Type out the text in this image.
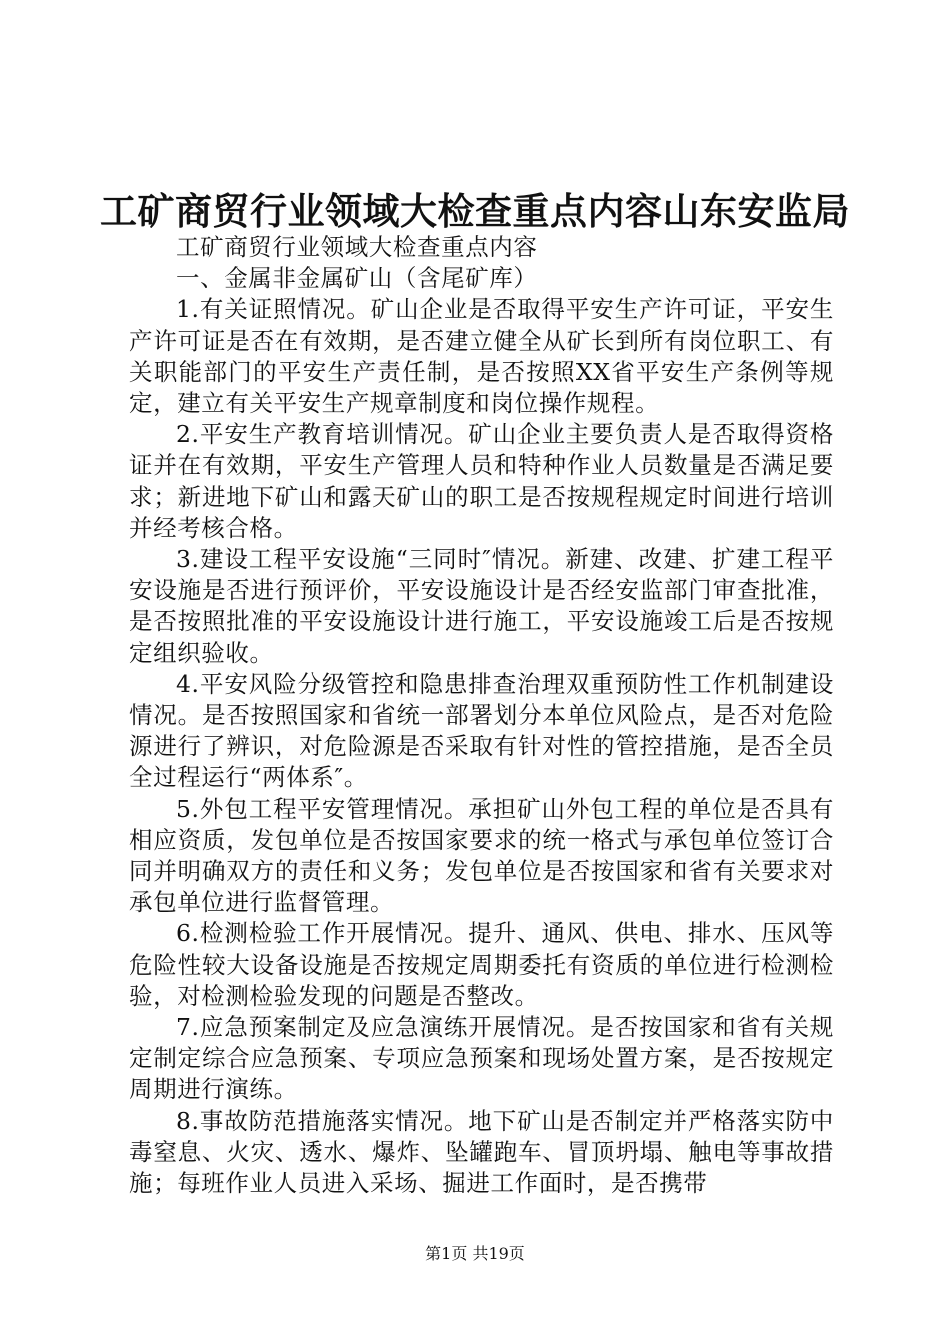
工矿商贸行业领域大检查重点内容山东安监局

工矿商贸行业领域大检查重点内容

一、金属非金属矿山（含尾矿库）

1.有关证照情况。矿山企业是否取得平安生产许可证，平安生产许可证是否在有效期，是否建立健全从矿长到所有岗位职工、有关职能部门的平安生产责任制，是否按照XX省平安生产条例等规定，建立有关平安生产规章制度和岗位操作规程。

2.平安生产教育培训情况。矿山企业主要负责人是否取得资格证并在有效期，平安生产管理人员和特种作业人员数量是否满足要求；新进地下矿山和露天矿山的职工是否按规程规定时间进行培训并经考核合格。

3.建设工程平安设施“三同时″情况。新建、改建、扩建工程平安设施是否进行预评价，平安设施设计是否经安监部门审查批准，是否按照批准的平安设施设计进行施工，平安设施竣工后是否按规定组织验收。

4.平安风险分级管控和隐患排查治理双重预防性工作机制建设情况。是否按照国家和省统一部署划分本单位风险点，是否对危险源进行了辨识，对危险源是否采取有针对性的管控措施，是否全员全过程运行“两体系″。

5.外包工程平安管理情况。承担矿山外包工程的单位是否具有相应资质，发包单位是否按国家要求的统一格式与承包单位签订合同并明确双方的责任和义务；发包单位是否按国家和省有关要求对承包单位进行监督管理。

6.检测检验工作开展情况。提升、通风、供电、排水、压风等危险性较大设备设施是否按规定周期委托有资质的单位进行检测检验，对检测检验发现的问题是否整改。

7.应急预案制定及应急演练开展情况。是否按国家和省有关规定制定综合应急预案、专项应急预案和现场处置方案，是否按规定周期进行演练。

8.事故防范措施落实情况。地下矿山是否制定并严格落实防中毒窒息、火灾、透水、爆炸、坠罐跑车、冒顶坍塌、触电等事故措施；每班作业人员进入采场、掘进工作面时，是否携带

第1页 共19页
